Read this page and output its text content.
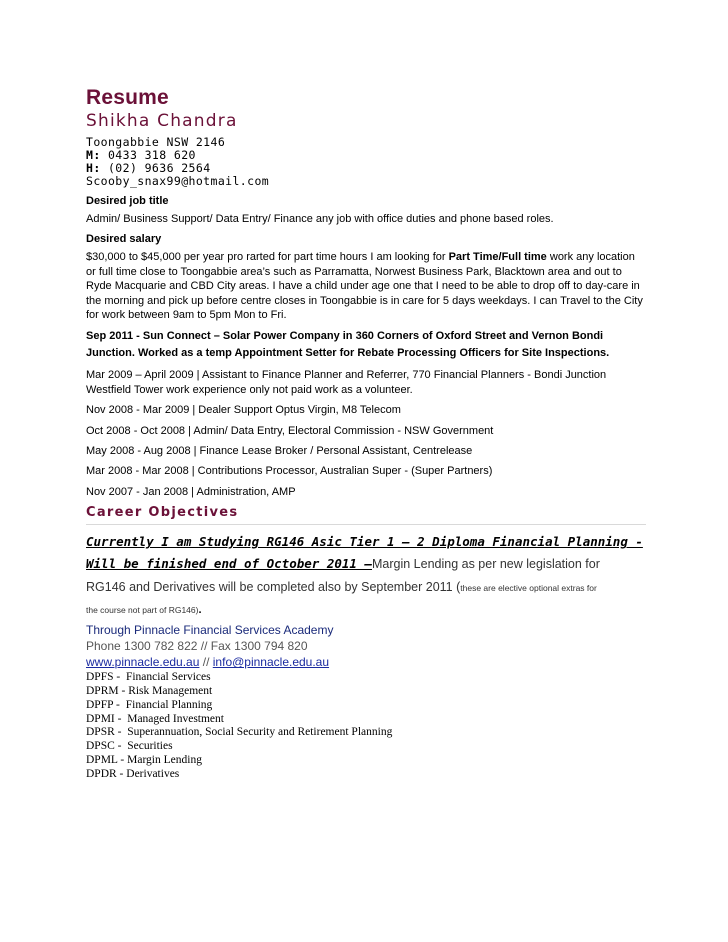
Resume
Shikha Chandra
Toongabbie NSW 2146
M: 0433 318 620
H: (02) 9636 2564
Scooby_snax99@hotmail.com
Desired job title
Admin/ Business Support/ Data Entry/ Finance any job with office duties and phone based roles.
Desired salary
$30,000 to $45,000 per year pro rarted for part time hours I am looking for Part Time/Full time work any location or full time close to Toongabbie area’s such as Parramatta, Norwest Business Park, Blacktown area and out to Ryde Macquarie and CBD City areas. I have a child under age one that I need to be able to drop off to day-care in the morning and pick up before centre closes in Toongabbie is in care for 5 days weekdays. I can Travel to the City for work between 9am to 5pm Mon to Fri.
Sep 2011 - Sun Connect – Solar Power Company in 360 Corners of Oxford Street and Vernon Bondi Junction. Worked as a temp Appointment Setter for Rebate Processing Officers for Site Inspections.
Mar 2009 – April 2009 | Assistant to Finance Planner and Referrer, 770 Financial Planners - Bondi Junction Westfield Tower work experience only not paid work as a volunteer.
Nov 2008 - Mar 2009 | Dealer Support Optus Virgin, M8 Telecom
Oct 2008 - Oct 2008 | Admin/ Data Entry, Electoral Commission - NSW Government
May 2008 - Aug 2008 | Finance Lease Broker / Personal Assistant, Centrelease
Mar 2008 - Mar 2008 | Contributions Processor, Australian Super - (Super Partners)
Nov 2007 - Jan 2008 | Administration, AMP
Career Objectives
Currently I am Studying RG146 Asic Tier 1 – 2 Diploma Financial Planning -
Will be finished end of October 2011 –Margin Lending as per new legislation for
RG146 and Derivatives will be completed also by September 2011 (these are elective optional extras for
the course not part of RG146).
Through Pinnacle Financial Services Academy
Phone 1300 782 822 // Fax 1300 794 820
www.pinnacle.edu.au // info@pinnacle.edu.au
DPFS - Financial Services
DPRM - Risk Management
DPFP - Financial Planning
DPMI - Managed Investment
DPSR - Superannuation, Social Security and Retirement Planning
DPSC - Securities
DPML - Margin Lending
DPDR - Derivatives
